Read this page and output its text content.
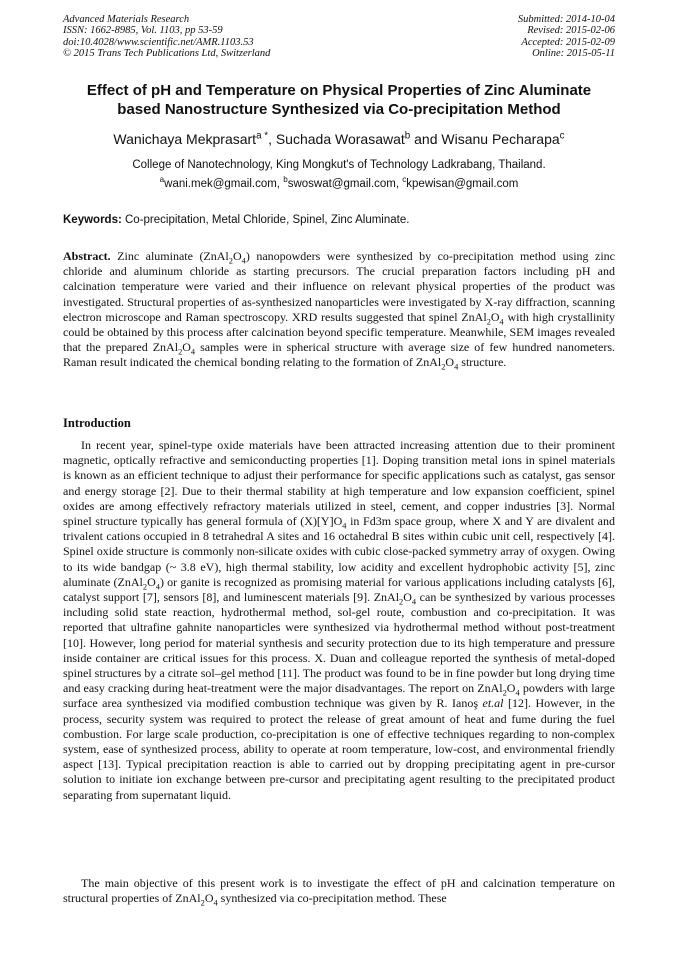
Advanced Materials Research
ISSN: 1662-8985, Vol. 1103, pp 53-59
doi:10.4028/www.scientific.net/AMR.1103.53
© 2015 Trans Tech Publications Ltd, Switzerland
Submitted: 2014-10-04
Revised: 2015-02-06
Accepted: 2015-02-09
Online: 2015-05-11
Effect of pH and Temperature on Physical Properties of Zinc Aluminate
based Nanostructure Synthesized via Co-precipitation Method
Wanichaya Mekprasart$^{a *}$, Suchada Worasawat$^b$ and Wisanu Pecharapa$^c$
College of Nanotechnology, King Mongkut's of Technology Ladkrabang, Thailand.
$^a$wani.mek@gmail.com, $^b$swoswat@gmail.com, $^c$kpewisan@gmail.com
Keywords: Co-precipitation, Metal Chloride, Spinel, Zinc Aluminate.
Abstract. Zinc aluminate $(ZnAl_2O_4)$ nanopowders were synthesized by co-precipitation method using zinc chloride and aluminum chloride as starting precursors. The crucial preparation factors including pH and calcination temperature were varied and their influence on relevant physical properties of the product was investigated. Structural properties of as-synthesized nanoparticles were investigated by X-ray diffraction, scanning electron microscope and Raman spectroscopy. XRD results suggested that spinel $ZnAl_2O_4$ with high crystallinity could be obtained by this process after calcination beyond specific temperature. Meanwhile, SEM images revealed that the prepared $ZnAl_2O_4$ samples were in spherical structure with average size of few hundred nanometers. Raman result indicated the chemical bonding relating to the formation of $ZnAl_2O_4$ structure.
Introduction
In recent year, spinel-type oxide materials have been attracted increasing attention due to their prominent magnetic, optically refractive and semiconducting properties [1]. Doping transition metal ions in spinel materials is known as an efficient technique to adjust their performance for specific applications such as catalyst, gas sensor and energy storage [2]. Due to their thermal stability at high temperature and low expansion coefficient, spinel oxides are among effectively refractory materials utilized in steel, cement, and copper industries [3]. Normal spinel structure typically has general formula of $(X)[Y]O_4$ in Fd3m space group, where X and Y are divalent and trivalent cations occupied in 8 tetrahedral A sites and 16 octahedral B sites within cubic unit cell, respectively [4]. Spinel oxide structure is commonly non-silicate oxides with cubic close-packed symmetry array of oxygen. Owing to its wide bandgap (~ 3.8 eV), high thermal stability, low acidity and excellent hydrophobic activity [5], zinc aluminate $(ZnAl_2O_4)$ or ganite is recognized as promising material for various applications including catalysts [6], catalyst support [7], sensors [8], and luminescent materials [9]. $ZnAl_2O_4$ can be synthesized by various processes including solid state reaction, hydrothermal method, sol-gel route, combustion and co-precipitation. It was reported that ultrafine gahnite nanoparticles were synthesized via hydrothermal method without post-treatment [10]. However, long period for material synthesis and security protection due to its high temperature and pressure inside container are critical issues for this process. X. Duan and colleague reported the synthesis of metal-doped spinel structures by a citrate sol–gel method [11]. The product was found to be in fine powder but long drying time and easy cracking during heat-treatment were the major disadvantages. The report on $ZnAl_2O_4$ powders with large surface area synthesized via modified combustion technique was given by R. Ianoş et.al [12]. However, in the process, security system was required to protect the release of great amount of heat and fume during the fuel combustion. For large scale production, co-precipitation is one of effective techniques regarding to non-complex system, ease of synthesized process, ability to operate at room temperature, low-cost, and environmental friendly aspect [13]. Typical precipitation reaction is able to carried out by dropping precipitating agent in pre-cursor solution to initiate ion exchange between pre-cursor and precipitating agent resulting to the precipitated product separating from supernatant liquid.
The main objective of this present work is to investigate the effect of pH and calcination temperature on structural properties of $ZnAl_2O_4$ synthesized via co-precipitation method. These
